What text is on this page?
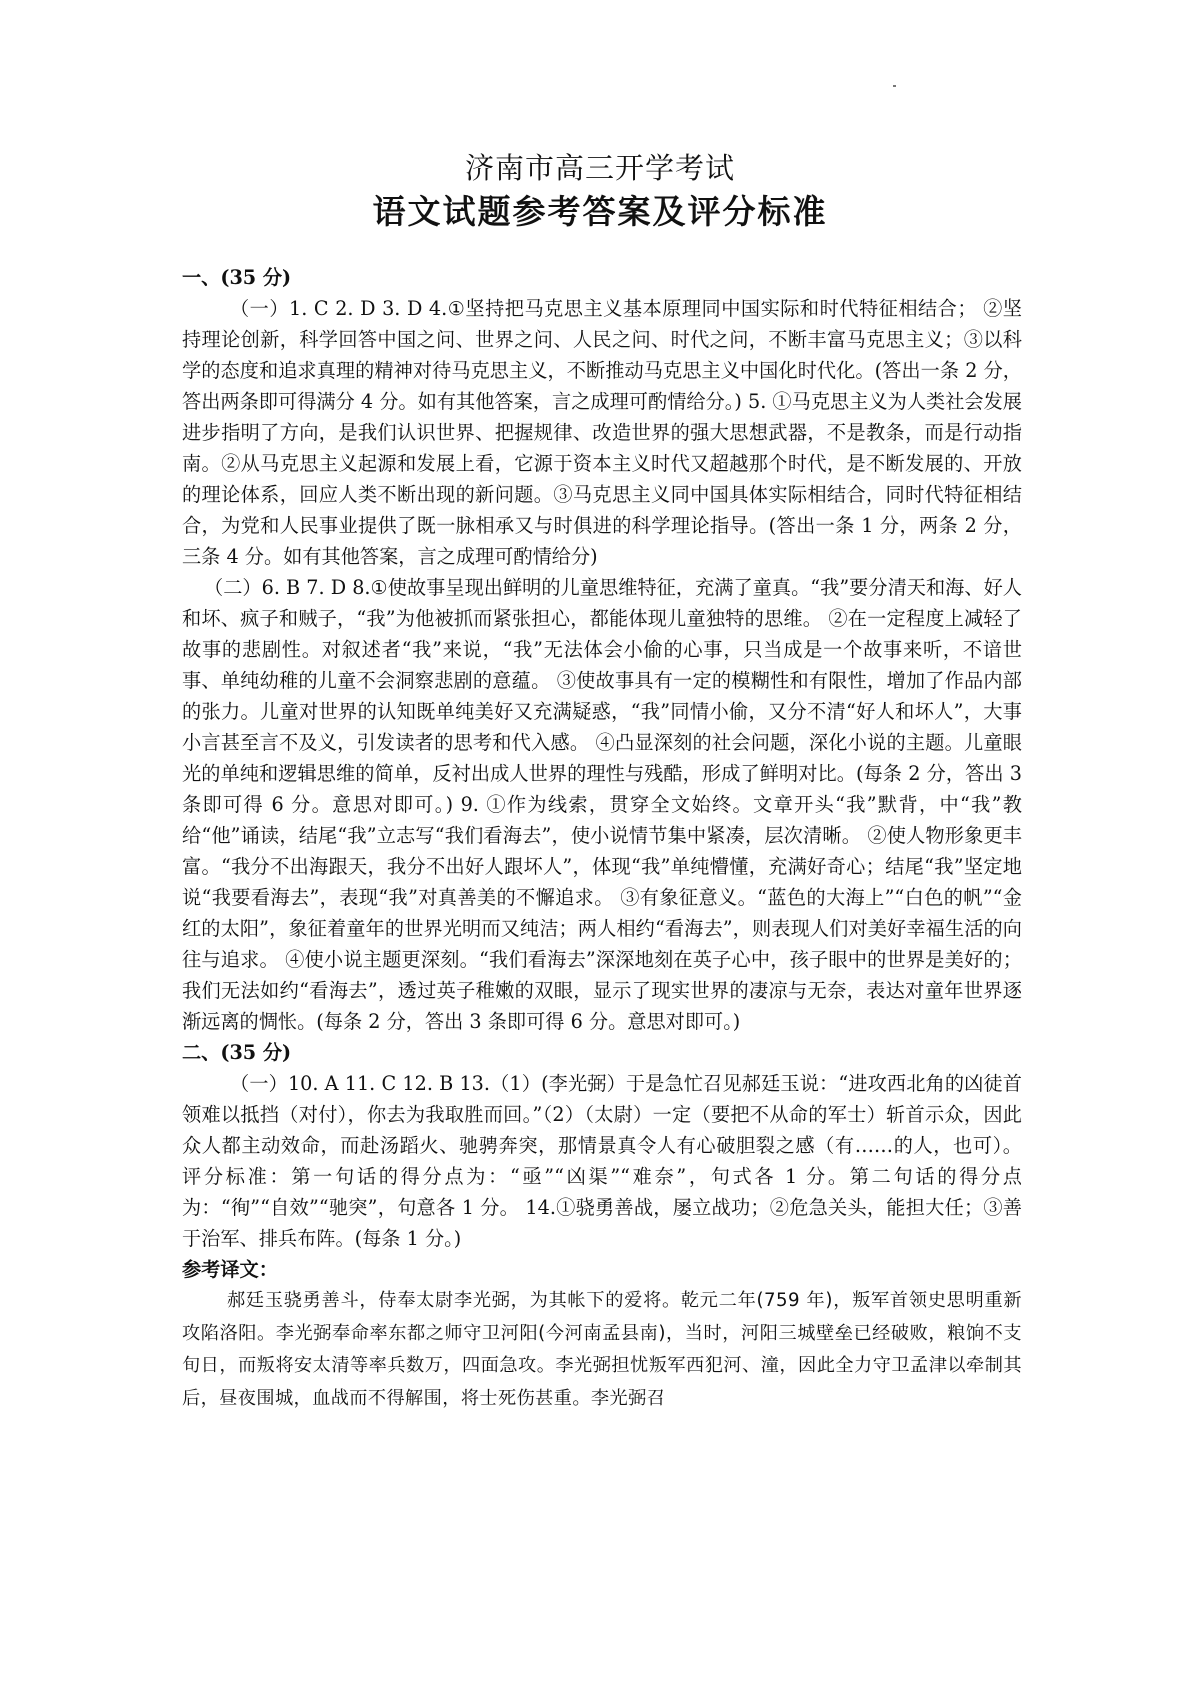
济南市高三开学考试
语文试题参考答案及评分标准
一、(35 分)
（一）1. C 2. D 3. D 4.①坚持把马克思主义基本原理同中国实际和时代特征相结合； ②坚持理论创新，科学回答中国之问、世界之问、人民之问、时代之问，不断丰富马克思主义；③以科学的态度和追求真理的精神对待马克思主义，不断推动马克思主义中国化时代化。(答出一条 2 分，答出两条即可得满分 4 分。如有其他答案，言之成理可酌情给分。) 5. ①马克思主义为人类社会发展进步指明了方向，是我们认识世界、把握规律、改造世界的强大思想武器，不是教条，而是行动指南。②从马克思主义起源和发展上看，它源于资本主义时代又超越那个时代，是不断发展的、开放的理论体系，回应人类不断出现的新问题。③马克思主义同中国具体实际相结合，同时代特征相结合，为党和人民事业提供了既一脉相承又与时俱进的科学理论指导。(答出一条 1 分，两条 2 分，三条 4 分。如有其他答案，言之成理可酌情给分)
（二）6. B 7. D 8.①使故事呈现出鲜明的儿童思维特征，充满了童真。“我”要分清天和海、好人和坏、疯子和贼子，“我”为他被抓而紧张担心，都能体现儿童独特的思维。 ②在一定程度上减轻了故事的悲剧性。对叙述者“我”来说，“我”无法体会小偷的心事，只当成是一个故事来听，不谙世事、单纯幼稚的儿童不会洞察悲剧的意蕴。 ③使故事具有一定的模糊性和有限性，增加了作品内部的张力。儿童对世界的认知既单纯美好又充满疑惑，“我”同情小偷，又分不清“好人和坏人”，大事小言甚至言不及义，引发读者的思考和代入感。 ④凸显深刻的社会问题，深化小说的主题。儿童眼光的单纯和逻辑思维的简单，反衬出成人世界的理性与残酷，形成了鲜明对比。(每条 2 分，答出 3 条即可得 6 分。意思对即可。) 9. ①作为线索，贯穿全文始终。文章开头“我”默背，中“我”教给“他”诵读，结尾“我”立志写“我们看海去”，使小说情节集中紧凑，层次清晰。 ②使人物形象更丰富。“我分不出海跟天，我分不出好人跟坏人”，体现“我”单纯懵懂，充满好奇心；结尾“我”坚定地说“我要看海去”，表现“我”对真善美的不懈追求。 ③有象征意义。“蓝色的大海上”“白色的帆”“金红的太阳”，象征着童年的世界光明而又纯洁；两人相约“看海去”，则表现人们对美好幸福生活的向往与追求。 ④使小说主题更深刻。“我们看海去”深深地刻在英子心中，孩子眼中的世界是美好的；我们无法如约“看海去”，透过英子稚嫩的双眼，显示了现实世界的凄凉与无奈，表达对童年世界逐渐远离的惆怅。(每条 2 分，答出 3 条即可得 6 分。意思对即可。)
二、(35 分)
（一）10. A 11. C 12. B 13.（1）(李光弼）于是急忙召见郝廷玉说：“进攻西北角的凶徒首领难以抵挡（对付），你去为我取胜而回。”（2）（太尉）一定（要把不从命的军士）斩首示众，因此众人都主动效命，而赴汤蹈火、驰骋奔突，那情景真令人有心破胆裂之感（有……的人，也可）。 评分标准：第一句话的得分点为：“亟”“凶渠”“难奈”，句式各 1 分。第二句话的得分点为：“徇”“自效”“驰突”，句意各 1 分。 14.①骁勇善战，屡立战功；②危急关头，能担大任；③善于治军、排兵布阵。(每条 1 分。)
参考译文：
郝廷玉骁勇善斗，侍奉太尉李光弼，为其帐下的爱将。乾元二年(759 年)，叛军首领史思明重新攻陷洛阳。李光弼奉命率东都之师守卫河阳(今河南孟县南)，当时，河阳三城壁垒已经破败，粮饷不支旬日，而叛将安太清等率兵数万，四面急攻。李光弼担忧叛军西犯河、潼，因此全力守卫孟津以牵制其后，昼夜围城，血战而不得解围，将士死伤甚重。李光弼召
